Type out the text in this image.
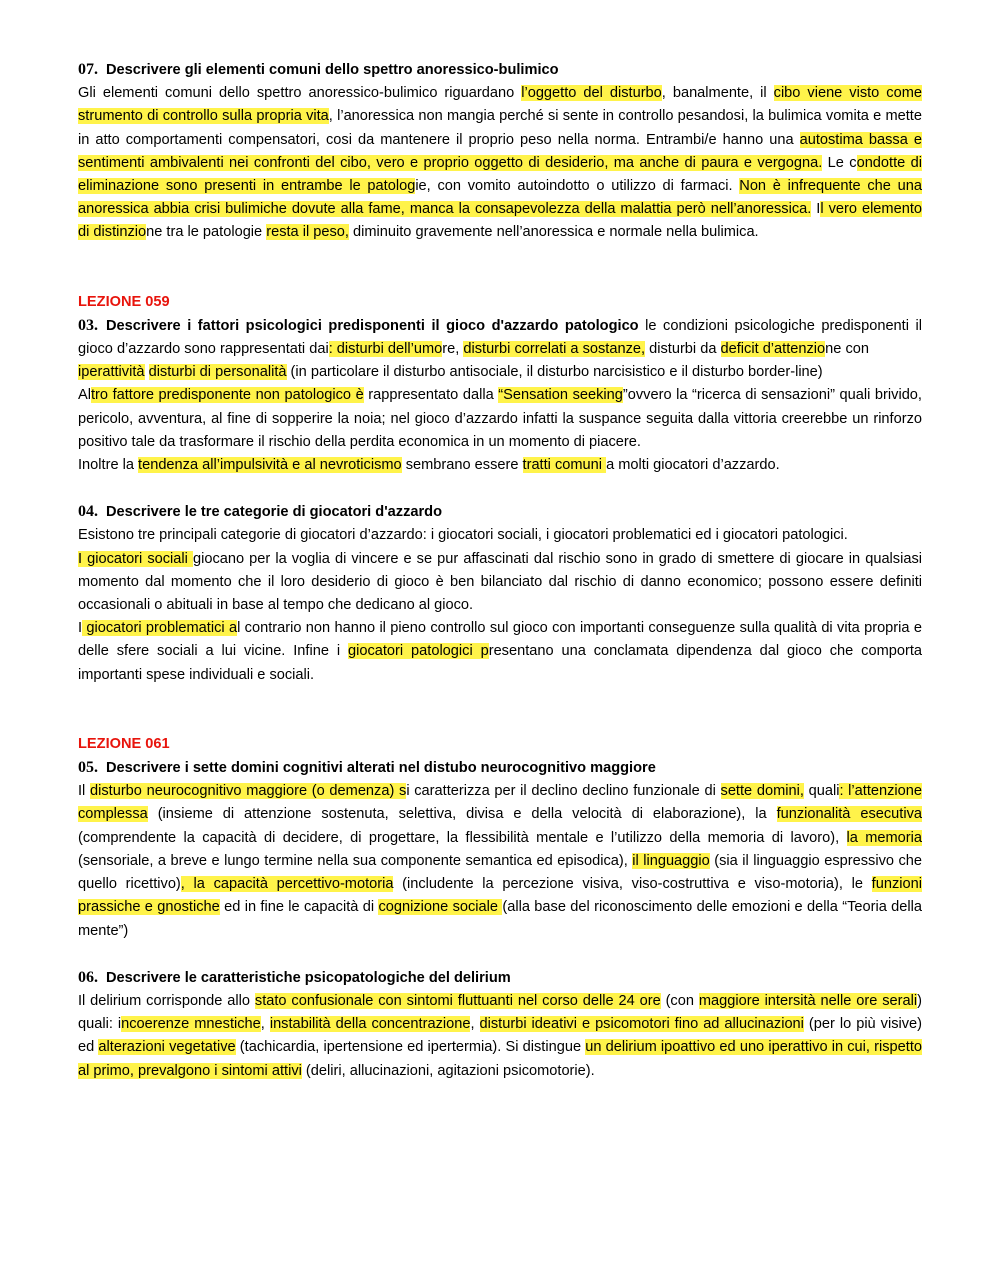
07. Descrivere gli elementi comuni dello spettro anoressico-bulimico

Gli elementi comuni dello spettro anoressico-bulimico riguardano l’oggetto del disturbo, banalmente, il cibo viene visto come strumento di controllo sulla propria vita, l’anoressica non mangia perché si sente in controllo pesandosi, la bulimica vomita e mette in atto comportamenti compensatori, cosi da mantenere il proprio peso nella norma. Entrambi/e hanno una autostima bassa e sentimenti ambivalenti nei confronti del cibo, vero e proprio oggetto di desiderio, ma anche di paura e vergogna. Le condotte di eliminazione sono presenti in entrambe le patologie, con vomito autoindotto o utilizzo di farmaci. Non è infrequente che una anoressica abbia crisi bulimiche dovute alla fame, manca la consapevolezza della malattia però nell’anoressica. Il vero elemento di distinzione tra le patologie resta il peso, diminuito gravemente nell’anoressica e normale nella bulimica.

LEZIONE 059

03. Descrivere i fattori psicologici predisponenti il gioco d'azzardo patologico le condizioni psicologiche predisponenti il gioco d’azzardo sono rappresentati dai: disturbi dell’umore, disturbi correlati a sostanze, disturbi da deficit d’attenzione con

iperattività disturbi di personalità (in particolare il disturbo antisociale, il disturbo narcisistico e il disturbo border-line)

Altro fattore predisponente non patologico è rappresentato dalla “Sensation seeking”ovvero la “ricerca di sensazioni” quali brivido, pericolo, avventura, al fine di sopperire la noia; nel gioco d’azzardo infatti la suspance seguita dalla vittoria creerebbe un rinforzo positivo tale da trasformare il rischio della perdita economica in un momento di piacere.

Inoltre la tendenza all’impulsività e al nevroticismo sembrano essere tratti comuni a molti giocatori d’azzardo.

04. Descrivere le tre categorie di giocatori d'azzardo

Esistono tre principali categorie di giocatori d’azzardo: i giocatori sociali, i giocatori problematici ed i giocatori patologici.

I giocatori sociali giocano per la voglia di vincere e se pur affascinati dal rischio sono in grado di smettere di giocare in qualsiasi momento dal momento che il loro desiderio di gioco è ben bilanciato dal rischio di danno economico; possono essere definiti occasionali o abituali in base al tempo che dedicano al gioco.

I giocatori problematici al contrario non hanno il pieno controllo sul gioco con importanti conseguenze sulla qualità di vita propria e delle sfere sociali a lui vicine. Infine i giocatori patologici presentano una conclamata dipendenza dal gioco che comporta importanti spese individuali e sociali.

LEZIONE 061

05. Descrivere i sette domini cognitivi alterati nel distubo neurocognitivo maggiore

Il disturbo neurocognitivo maggiore (o demenza) si caratterizza per il declino declino funzionale di sette domini, quali: l’attenzione complessa (insieme di attenzione sostenuta, selettiva, divisa e della velocità di elaborazione), la funzionalità esecutiva (comprendente la capacità di decidere, di progettare, la flessibilità mentale e l’utilizzo della memoria di lavoro), la memoria (sensoriale, a breve e lungo termine nella sua componente semantica ed episodica), il linguaggio (sia il linguaggio espressivo che quello ricettivo), la capacità percettivo-motoria (includente la percezione visiva, viso-costruttiva e viso-motoria), le funzioni prassiche e gnostiche ed in fine le capacità di cognizione sociale (alla base del riconoscimento delle emozioni e della “Teoria della mente”)

06. Descrivere le caratteristiche psicopatologiche del delirium

Il delirium corrisponde allo stato confusionale con sintomi fluttuanti nel corso delle 24 ore (con maggiore intersità nelle ore serali) quali: incoerenze mnestiche, instabilità della concentrazione, disturbi ideativi e psicomotori fino ad allucinazioni (per lo più visive) ed alterazioni vegetative (tachicardia, ipertensione ed ipertermia). Si distingue un delirium ipoattivo ed uno iperattivo in cui, rispetto al primo, prevalgono i sintomi attivi (deliri, allucinazioni, agitazioni psicomotorie).
